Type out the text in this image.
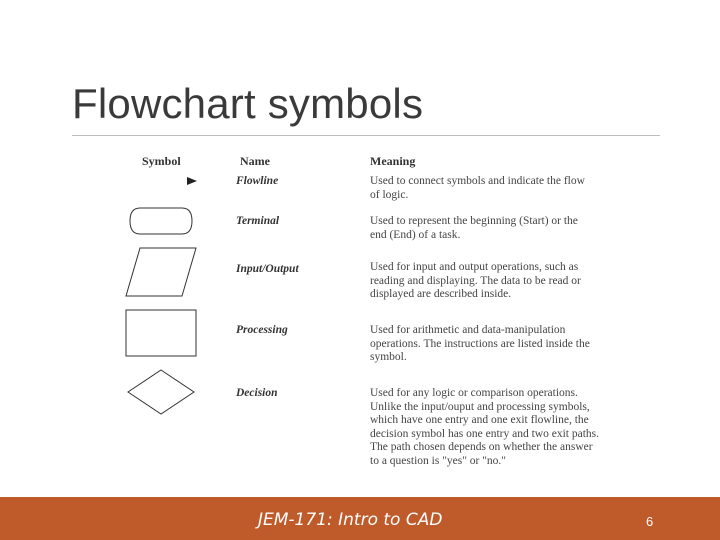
Flowchart symbols
Symbol	Name	Meaning
Flowline	Used to connect symbols and indicate the flow of logic.
Terminal	Used to represent the beginning (Start) or the end (End) of a task.
Input/Output	Used for input and output operations, such as reading and displaying. The data to be read or displayed are described inside.
Processing	Used for arithmetic and data-manipulation operations. The instructions are listed inside the symbol.
Decision	Used for any logic or comparison operations. Unlike the input/ouput and processing symbols, which have one entry and one exit flowline, the decision symbol has one entry and two exit paths. The path chosen depends on whether the answer to a question is "yes" or "no."
JEM-171: Intro to CAD	6
